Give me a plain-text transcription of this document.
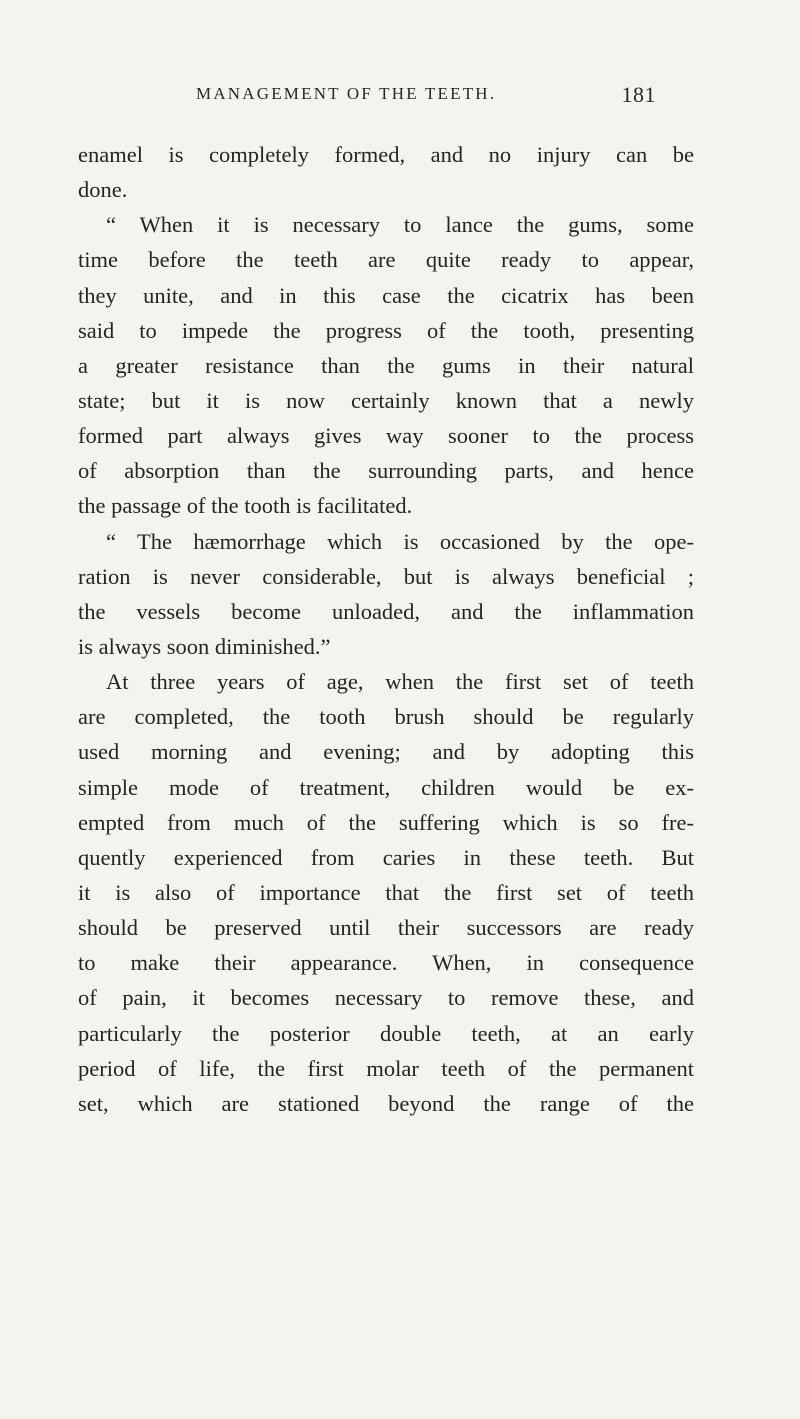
MANAGEMENT OF THE TEETH.	181
enamel is completely formed, and no injury can be
done.
“ When it is necessary to lance the gums, some
time before the teeth are quite ready to appear,
they unite, and in this case the cicatrix has been
said to impede the progress of the tooth, presenting
a greater resistance than the gums in their natural
state; but it is now certainly known that a newly
formed part always gives way sooner to the process
of absorption than the surrounding parts, and hence
the passage of the tooth is facilitated.
“ The hæmorrhage which is occasioned by the ope-
ration is never considerable, but is always beneficial ;
the vessels become unloaded, and the inflammation
is always soon diminished.”
At three years of age, when the first set of teeth
are completed, the tooth brush should be regularly
used morning and evening; and by adopting this
simple mode of treatment, children would be ex-
empted from much of the suffering which is so fre-
quently experienced from caries in these teeth. But
it is also of importance that the first set of teeth
should be preserved until their successors are ready
to make their appearance. When, in consequence
of pain, it becomes necessary to remove these, and
particularly the posterior double teeth, at an early
period of life, the first molar teeth of the permanent
set, which are stationed beyond the range of the
